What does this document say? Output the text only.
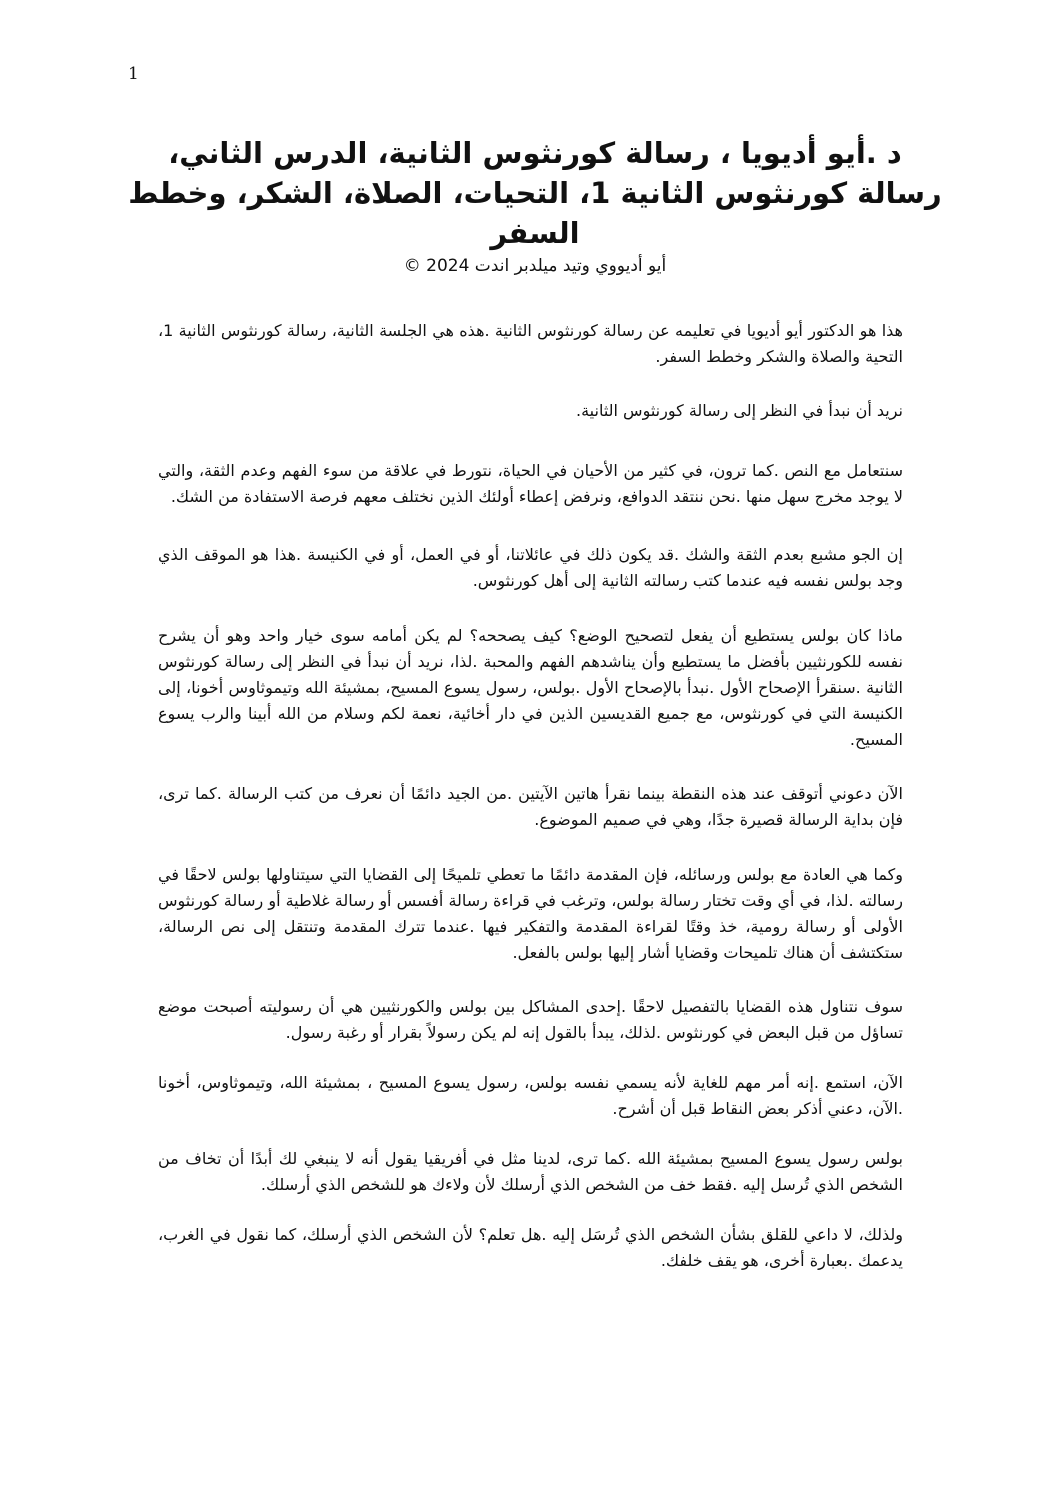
1
د .أيو أديويا ، رسالة كورنثوس الثانية، الدرس الثاني،
رسالة كورنثوس الثانية 1، التحيات، الصلاة، الشكر، وخطط
السفر
أيو أديووي وتيد ميلدبر اندت 2024 ©

هذا هو الدكتور أيو أديويا في تعليمه عن رسالة كورنثوس الثانية .هذه هي الجلسة الثانية، رسالة كورنثوس الثانية 1، التحية والصلاة والشكر وخطط السفر.

نريد أن نبدأ في النظر إلى رسالة كورنثوس الثانية.

سنتعامل مع النص .كما ترون، في كثير من الأحيان في الحياة، نتورط في علاقة من سوء الفهم وعدم الثقة، والتي لا يوجد مخرج سهل منها .نحن ننتقد الدوافع، ونرفض إعطاء أولئك الذين نختلف معهم فرصة الاستفادة من الشك.

إن الجو مشبع بعدم الثقة والشك .قد يكون ذلك في عائلاتنا، أو في العمل، أو في الكنيسة .هذا هو الموقف الذي وجد بولس نفسه فيه عندما كتب رسالته الثانية إلى أهل كورنثوس.

ماذا كان بولس يستطيع أن يفعل لتصحيح الوضع؟ كيف يصححه؟ لم يكن أمامه سوى خيار واحد وهو أن يشرح نفسه للكورنثيين بأفضل ما يستطيع وأن يناشدهم الفهم والمحبة .لذا، نريد أن نبدأ في النظر إلى رسالة كورنثوس الثانية .سنقرأ الإصحاح الأول .نبدأ بالإصحاح الأول .بولس، رسول يسوع المسيح، بمشيئة الله وتيموثاوس أخونا، إلى الكنيسة التي في كورنثوس، مع جميع القديسين الذين في دار أخائية، نعمة لكم وسلام من الله أبينا والرب يسوع المسيح.

الآن دعوني أتوقف عند هذه النقطة بينما نقرأ هاتين الآيتين .من الجيد دائمًا أن نعرف من كتب الرسالة .كما ترى، فإن بداية الرسالة قصيرة جدًا، وهي في صميم الموضوع.

وكما هي العادة مع بولس ورسائله، فإن المقدمة دائمًا ما تعطي تلميحًا إلى القضايا التي سيتناولها بولس لاحقًا في رسالته .لذا، في أي وقت تختار رسالة بولس، وترغب في قراءة رسالة أفسس أو رسالة غلاطية أو رسالة كورنثوس الأولى أو رسالة رومية، خذ وقتًا لقراءة المقدمة والتفكير فيها .عندما تترك المقدمة وتنتقل إلى نص الرسالة، ستكتشف أن هناك تلميحات وقضايا أشار إليها بولس بالفعل.

سوف نتناول هذه القضايا بالتفصيل لاحقًا .إحدى المشاكل بين بولس والكورنثيين هي أن رسوليته أصبحت موضع تساؤل من قبل البعض في كورنثوس .لذلك، يبدأ بالقول إنه لم يكن رسولاً بقرار أو رغبة رسول.

الآن، استمع .إنه أمر مهم للغاية لأنه يسمي نفسه بولس، رسول يسوع المسيح ، بمشيئة الله، وتيموثاوس، أخونا .الآن، دعني أذكر بعض النقاط قبل أن أشرح.

بولس رسول يسوع المسيح بمشيئة الله .كما ترى، لدينا مثل في أفريقيا يقول أنه لا ينبغي لك أبدًا أن تخاف من الشخص الذي تُرسل إليه .فقط خف من الشخص الذي أرسلك لأن ولاءك هو للشخص الذي أرسلك.

ولذلك، لا داعي للقلق بشأن الشخص الذي تُرسَل إليه .هل تعلم؟ لأن الشخص الذي أرسلك، كما نقول في الغرب، يدعمك .بعبارة أخرى، هو يقف خلفك.
